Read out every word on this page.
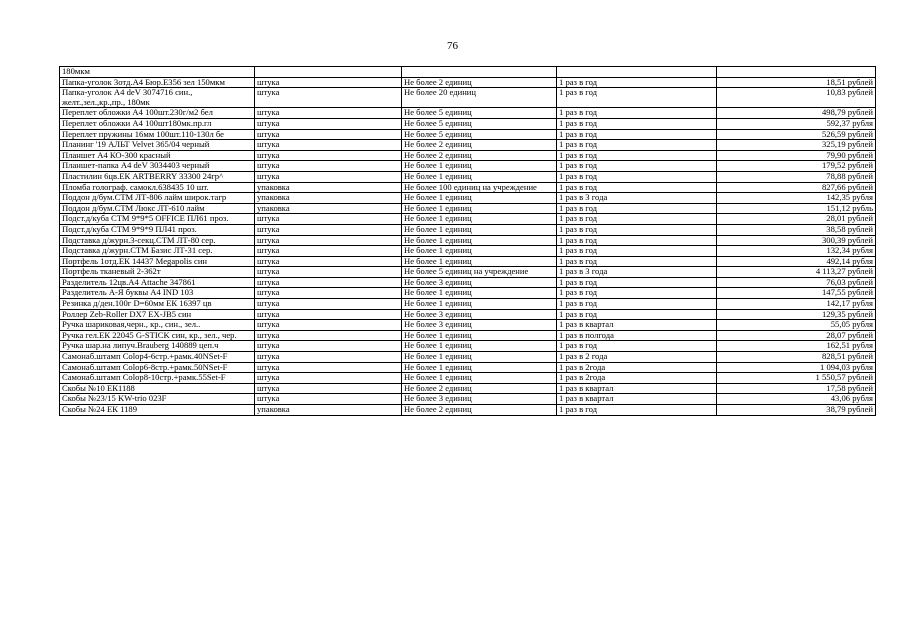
76
180мкм				
Папка-уголок 3отд.А4 Бюр.E356 зел 150мкм	штука	Не более 2 единиц	1 раз в год	18,51 рублей
Папка-уголок А4 deV 3074716 син., желт.,зел.,кр.,пр., 180мк	штука	Не более 20 единиц	1 раз в год	10,83 рублей
Переплет обложки А4 100шт.230г/м2 бел	штука	Не более 5 единиц	1 раз в год	498,79 рублей
Переплет обложки А4 100шт180мк.пр.гл	штука	Не более 5 единиц	1 раз в год	592,37 рубля
Переплет пружины 16мм 100шт.110-130л бе	штука	Не более 5 единиц	1 раз в год	526,59 рублей
Планинг '19 АЛЬТ Velvet 365/04 черный	штука	Не более 2 единиц	1 раз в год	325,19 рублей
Планшет А4 КО-300 красный	штука	Не более 2 единиц	1 раз в год	79,90 рублей
Планшет-папка А4 deV 3034403 черный	штука	Не более 1 единиц	1 раз в год	179,52 рублей
Пластилин 6цв.ЕК ARTBERRY 33300 24гр^	штука	Не более 1 единиц	1 раз в год	78,88 рублей
Пломба голограф. самокл.638435 10 шт.	упаковка	Не более 100 единиц на учреждение	1 раз в год	827,66 рублей
Поддон д/бум.СТМ ЛТ-806 лайм широк.тагр	упаковка	Не более 1 единиц	1 раз в 3 года	142,35 рубля
Поддон д/бум.СТМ Люкс ЛТ-610 лайм	упаковка	Не более 1 единиц	1 раз в год	151,12 рубль
Подст.д/куба СТМ 9*9*5 OFFICE ПЛ61 проз.	штука	Не более 1 единиц	1 раз в год	28,01 рублей
Подст.д/куба СТМ 9*9*9 ПЛ41 проз.	штука	Не более 1 единиц	1 раз в год	38,58 рублей
Подставка д/журн.3-секц.СТМ ЛТ-80 сер.	штука	Не более 1 единиц	1 раз в год	300,39 рублей
Подставка д/журн.СТМ Базис ЛТ-31 сер.	штука	Не более 1 единиц	1 раз в год	132,34 рубля
Портфель 1отд.ЕК 14437 Megapolis син	штука	Не более 1 единиц	1 раз в год	492,14 рубля
Портфель тканевый 2-362т	штука	Не более 5 единиц на учреждение	1 раз в 3 года	4 113,27 рублей
Разделитель 12цв.А4 Attache 347861	штука	Не более 3 единиц	1 раз в год	76,03 рублей
Разделитель А-Я буквы А4 IND 103	штука	Не более 1 единиц	1 раз в год	147,55 рублей
Резинка д/ден.100г D=60мм ЕК 16397 цв	штука	Не более 1 единиц	1 раз в год	142,17 рубля
Роллер Zeb-Roller DX7 EX-JB5 син	штука	Не более 3 единиц	1 раз в год	129,35 рублей
Ручка шариковая,черн., кр., син., зел..	штука	Не более 3 единиц	1 раз в квартал	55,05 рубля
Ручка гел.ЕК 22045 G-STICK син, кр., зел., чер.	штука	Не более 1 единиц	1 раз в полгода	28,07 рублей
Ручка шар.на липуч.Brauberg 140889 цеп.ч	штука	Не более 1 единиц	1 раз в год	162,51 рубля
Самонаб.штамп Colop4-6стр.+рамк.40NSet-F	штука	Не более 1 единиц	1 раз в 2 года	828,51 рублей
Самонаб.штамп Colop6-8стр.+рамк.50NSet-F	штука	Не более 1 единиц	1 раз в 2года	1 094,03 рубля
Самонаб.штамп Colop8-10стр.+рамк.55Set-F	штука	Не более 1 единиц	1 раз в 2года	1 550,57 рублей
Скобы №10 ЕК1188	штука	Не более 2 единиц	1 раз в квартал	17,58 рублей
Скобы №23/15 KW-trio 023F	штука	Не более 3 единиц	1 раз в квартал	43,06 рубля
Скобы №24 ЕК 1189	упаковка	Не более 2 единиц	1 раз в год	38,79 рублей
